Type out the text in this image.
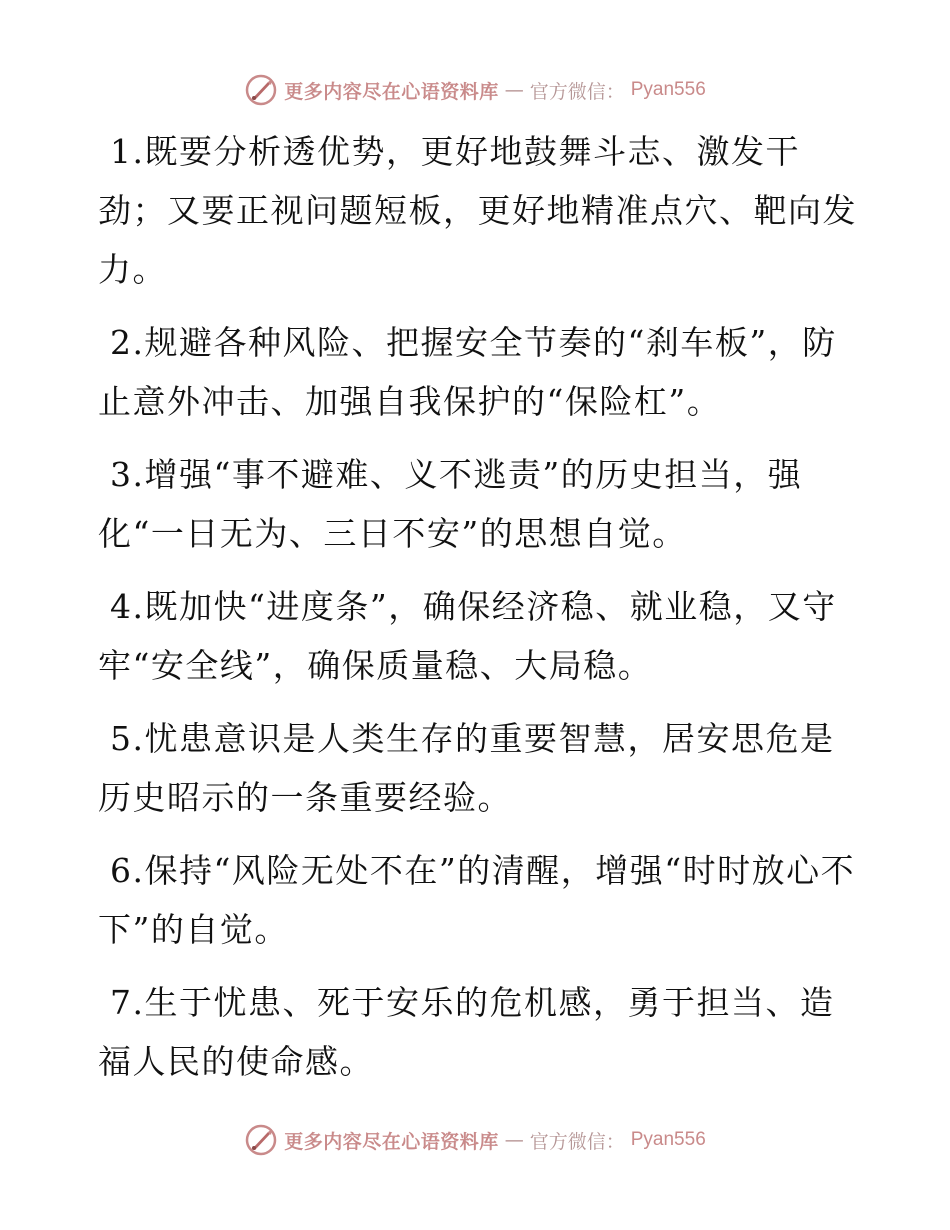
更多内容尽在心语资料库 — 官方微信： Pyan556

1.既要分析透优势，更好地鼓舞斗志、激发干劲；又要正视问题短板，更好地精准点穴、靶向发力。

2.规避各种风险、把握安全节奏的“刹车板”，防止意外冲击、加强自我保护的“保险杠”。

3.增强“事不避难、义不逃责”的历史担当，强化“一日无为、三日不安”的思想自觉。

4.既加快“进度条”，确保经济稳、就业稳，又守牢“安全线”，确保质量稳、大局稳。

5.忧患意识是人类生存的重要智慧，居安思危是历史昭示的一条重要经验。

6.保持“风险无处不在”的清醒，增强“时时放心不下”的自觉。

7.生于忧患、死于安乐的危机感，勇于担当、造福人民的使命感。

更多内容尽在心语资料库 — 官方微信： Pyan556
